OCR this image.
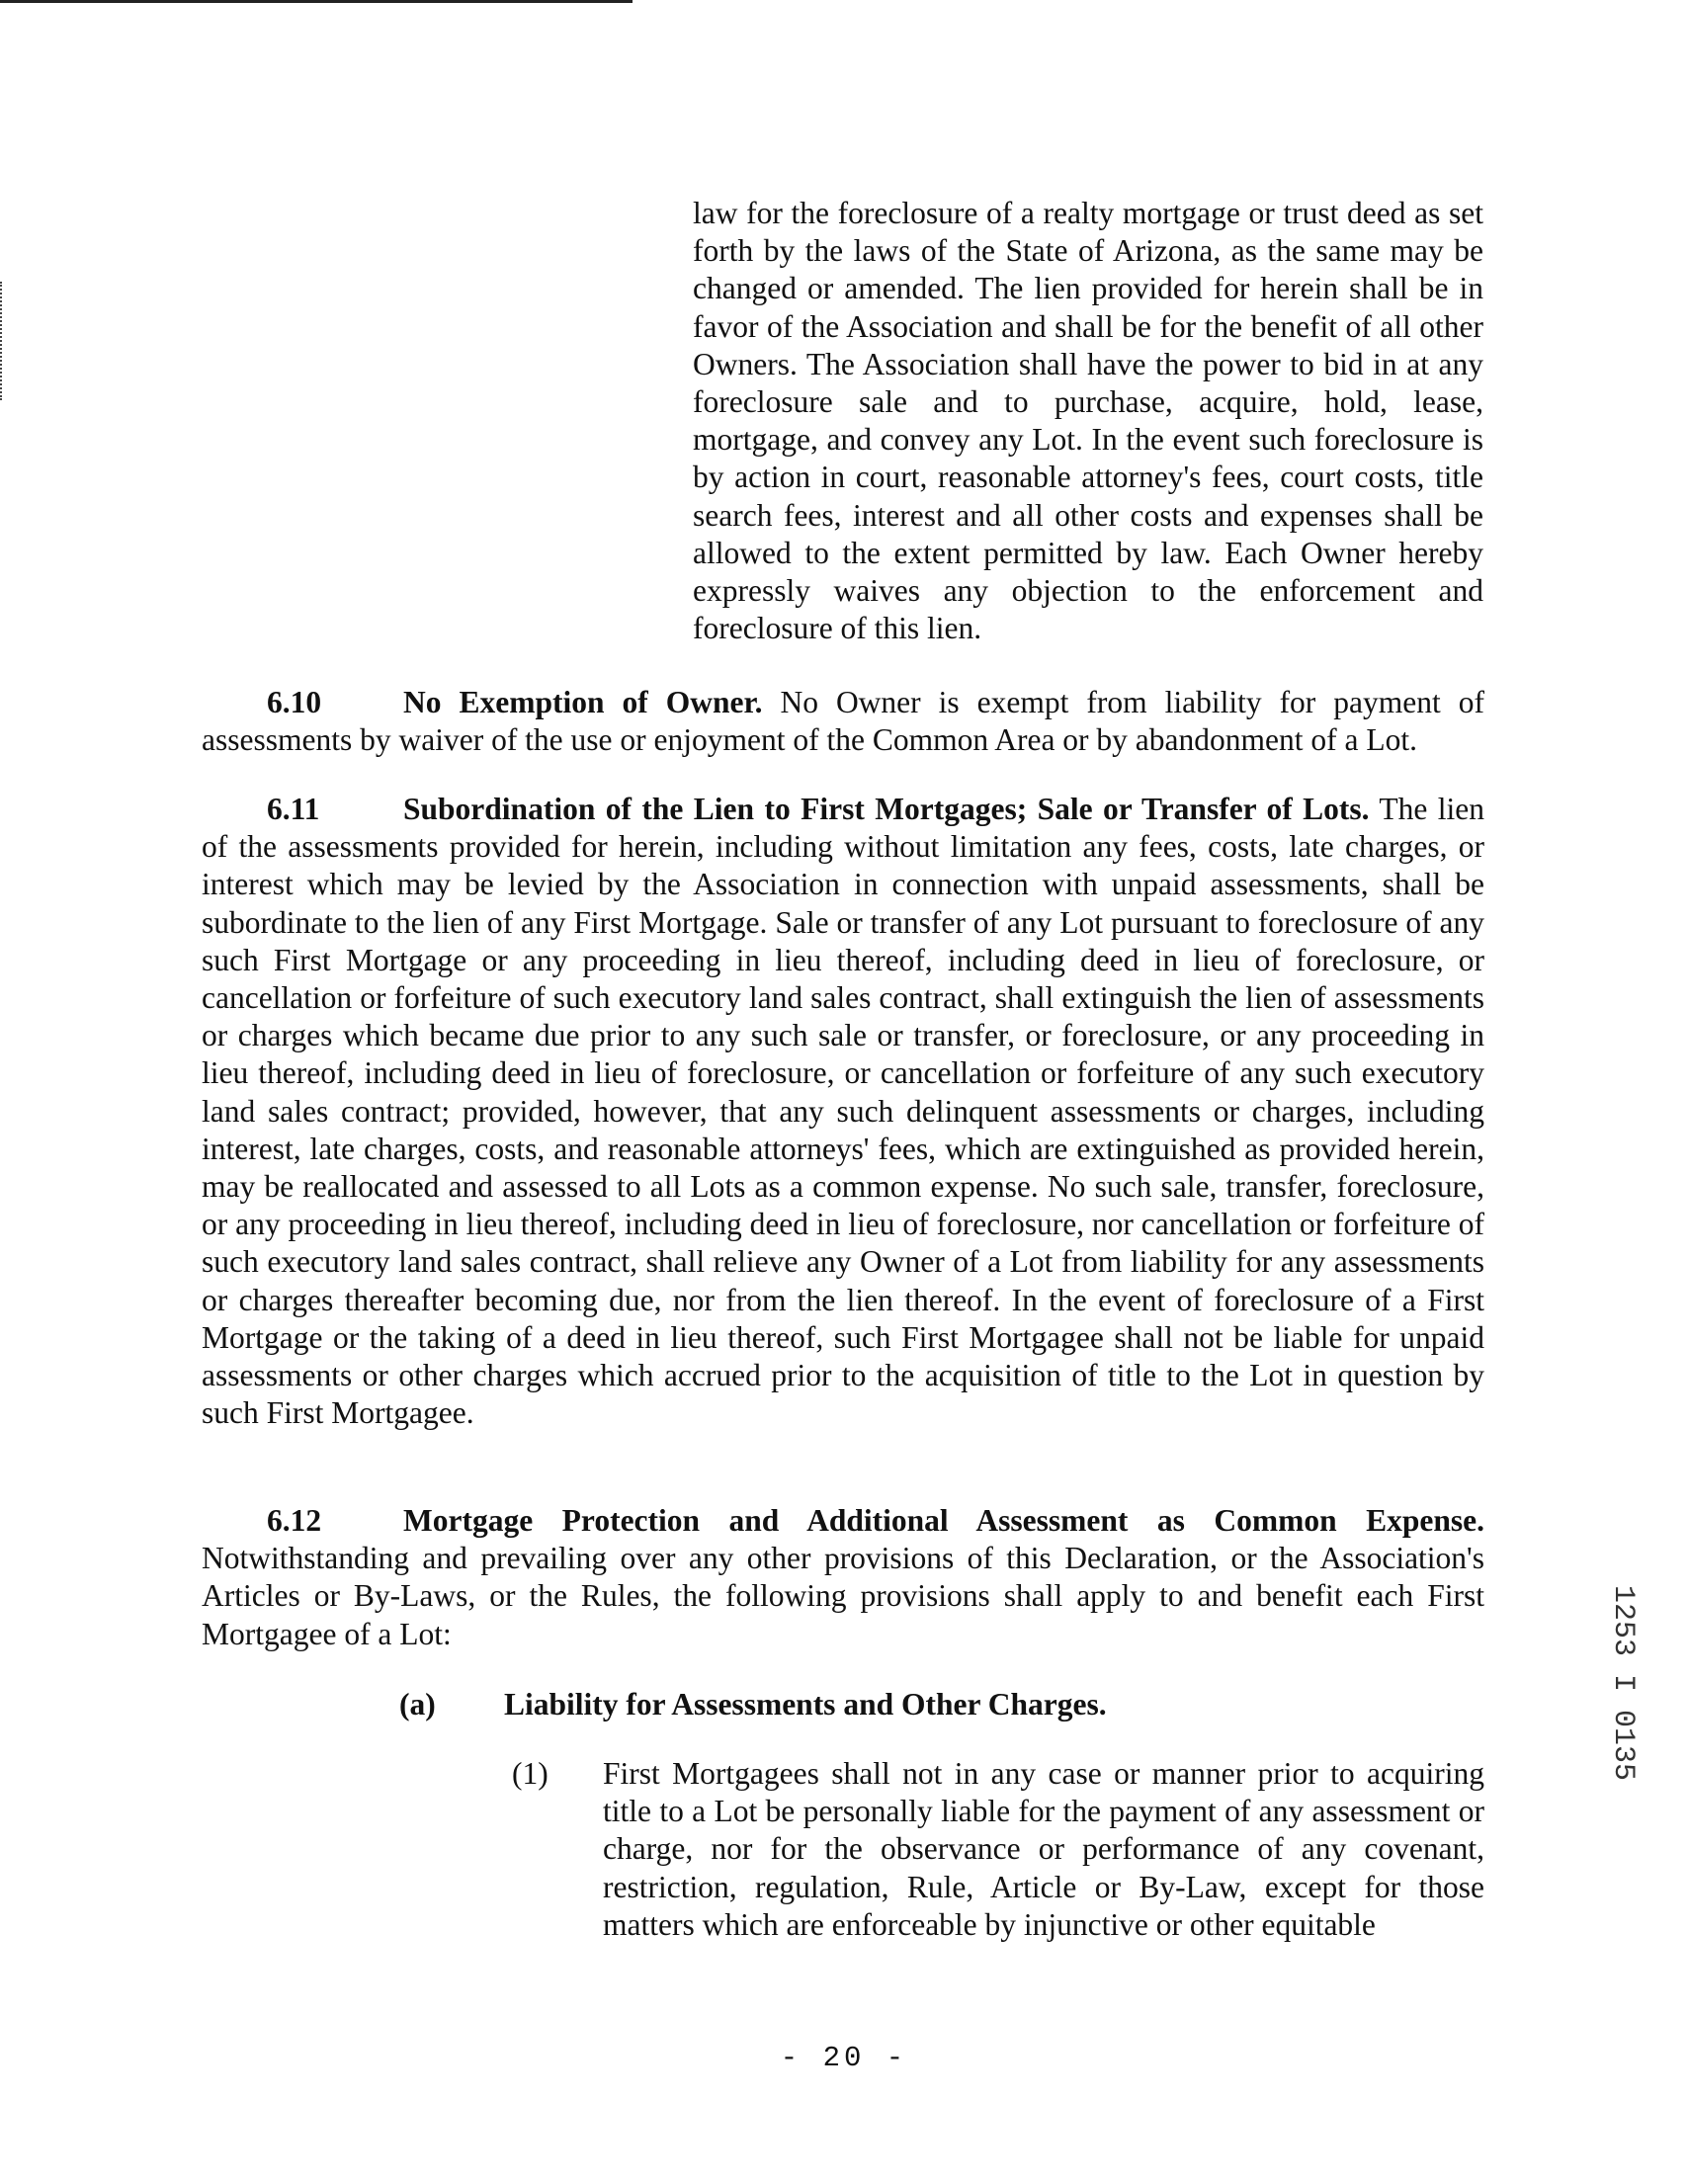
law for the foreclosure of a realty mortgage or trust deed as set forth by the laws of the State of Arizona, as the same may be changed or amended. The lien provided for herein shall be in favor of the Association and shall be for the benefit of all other Owners. The Association shall have the power to bid in at any foreclosure sale and to purchase, acquire, hold, lease, mortgage, and convey any Lot. In the event such foreclosure is by action in court, reasonable attorney's fees, court costs, title search fees, interest and all other costs and expenses shall be allowed to the extent permitted by law. Each Owner hereby expressly waives any objection to the enforcement and foreclosure of this lien.
6.10	No Exemption of Owner. No Owner is exempt from liability for payment of assessments by waiver of the use or enjoyment of the Common Area or by abandonment of a Lot.
6.11	Subordination of the Lien to First Mortgages; Sale or Transfer of Lots. The lien of the assessments provided for herein, including without limitation any fees, costs, late charges, or interest which may be levied by the Association in connection with unpaid assessments, shall be subordinate to the lien of any First Mortgage. Sale or transfer of any Lot pursuant to foreclosure of any such First Mortgage or any proceeding in lieu thereof, including deed in lieu of foreclosure, or cancellation or forfeiture of such executory land sales contract, shall extinguish the lien of assessments or charges which became due prior to any such sale or transfer, or foreclosure, or any proceeding in lieu thereof, including deed in lieu of foreclosure, or cancellation or forfeiture of any such executory land sales contract; provided, however, that any such delinquent assessments or charges, including interest, late charges, costs, and reasonable attorneys' fees, which are extinguished as provided herein, may be reallocated and assessed to all Lots as a common expense. No such sale, transfer, foreclosure, or any proceeding in lieu thereof, including deed in lieu of foreclosure, nor cancellation or forfeiture of such executory land sales contract, shall relieve any Owner of a Lot from liability for any assessments or charges thereafter becoming due, nor from the lien thereof. In the event of foreclosure of a First Mortgage or the taking of a deed in lieu thereof, such First Mortgagee shall not be liable for unpaid assessments or other charges which accrued prior to the acquisition of title to the Lot in question by such First Mortgagee.
6.12	Mortgage Protection and Additional Assessment as Common Expense. Notwithstanding and prevailing over any other provisions of this Declaration, or the Association's Articles or By-Laws, or the Rules, the following provisions shall apply to and benefit each First Mortgagee of a Lot:
(a) Liability for Assessments and Other Charges.
(1) First Mortgagees shall not in any case or manner prior to acquiring title to a Lot be personally liable for the payment of any assessment or charge, nor for the observance or performance of any covenant, restriction, regulation, Rule, Article or By-Law, except for those matters which are enforceable by injunctive or other equitable
- 20 -
1253 I 0135
